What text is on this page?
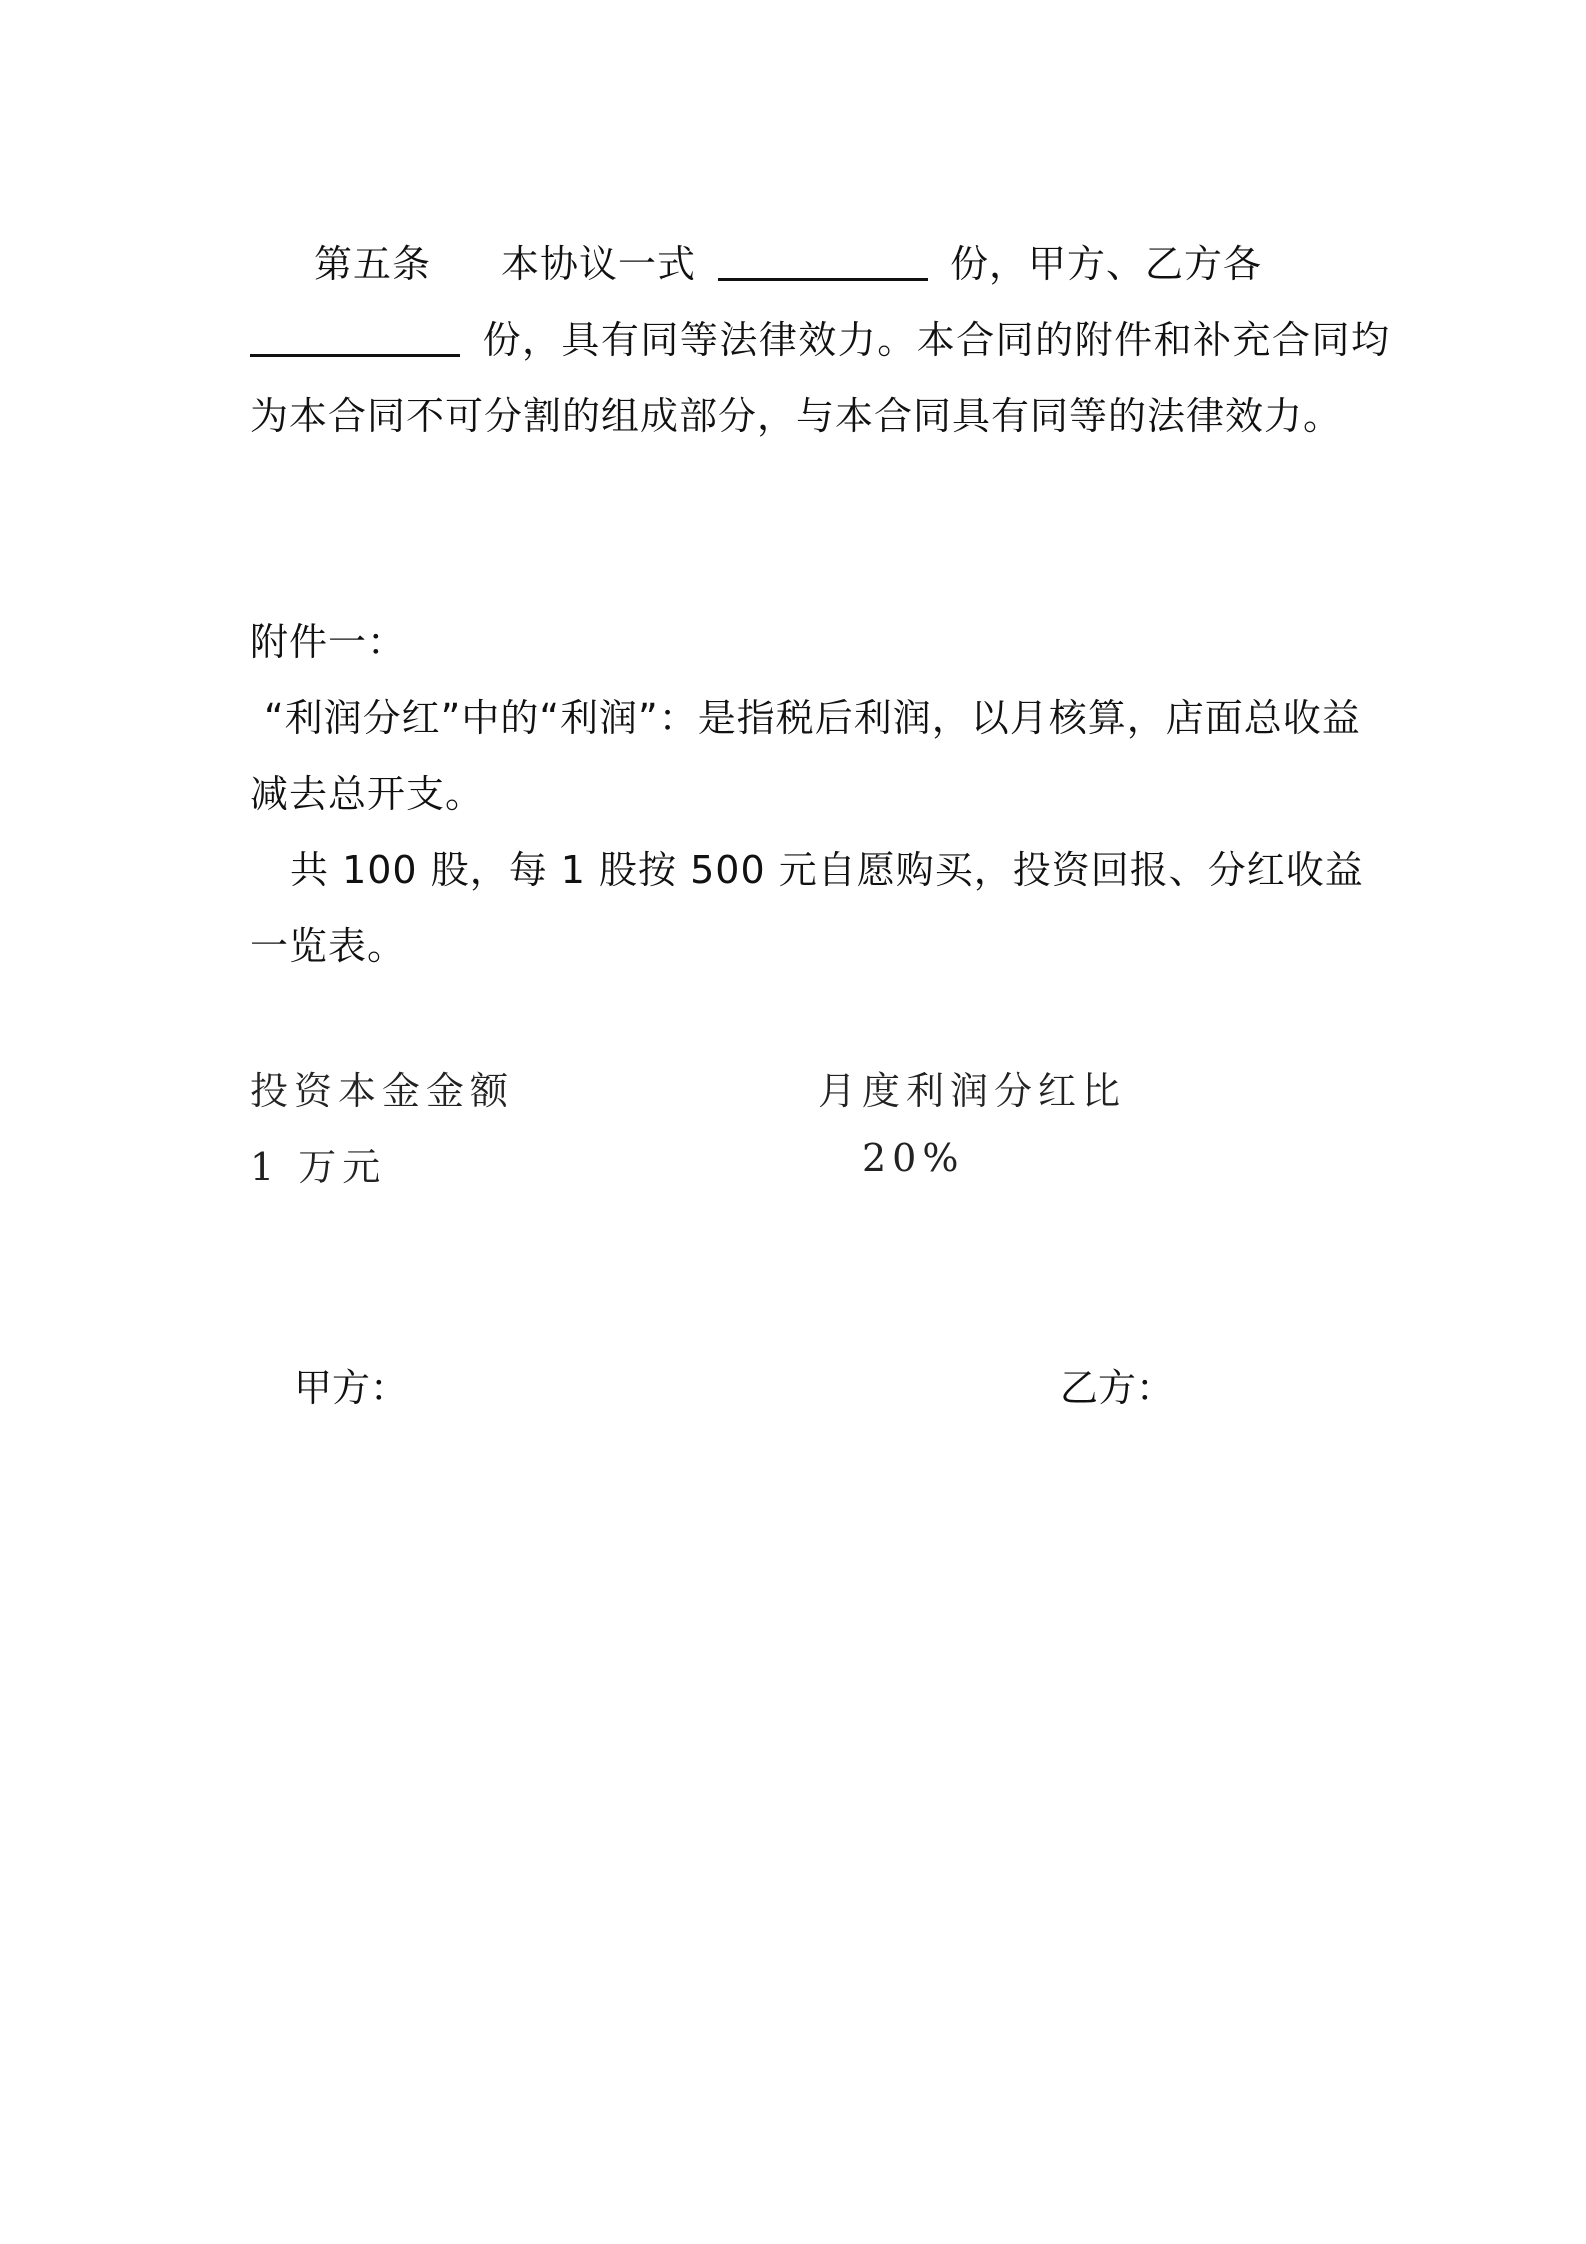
第五条 本协议一式	份，甲方、乙方各
份，具有同等法律效力。本合同的附件和补充合同均为本合同不可分割的组成部分，与本合同具有同等的法律效力。
附件一：
“利润分红”中的“利润”：是指税后利润，以月核算，店面总收益减去总开支。
共 100 股，每 1 股按 500 元自愿购买，投资回报、分红收益一览表。
投资本金金额	月度利润分红比
1 万元	20%
甲方：	乙方：
